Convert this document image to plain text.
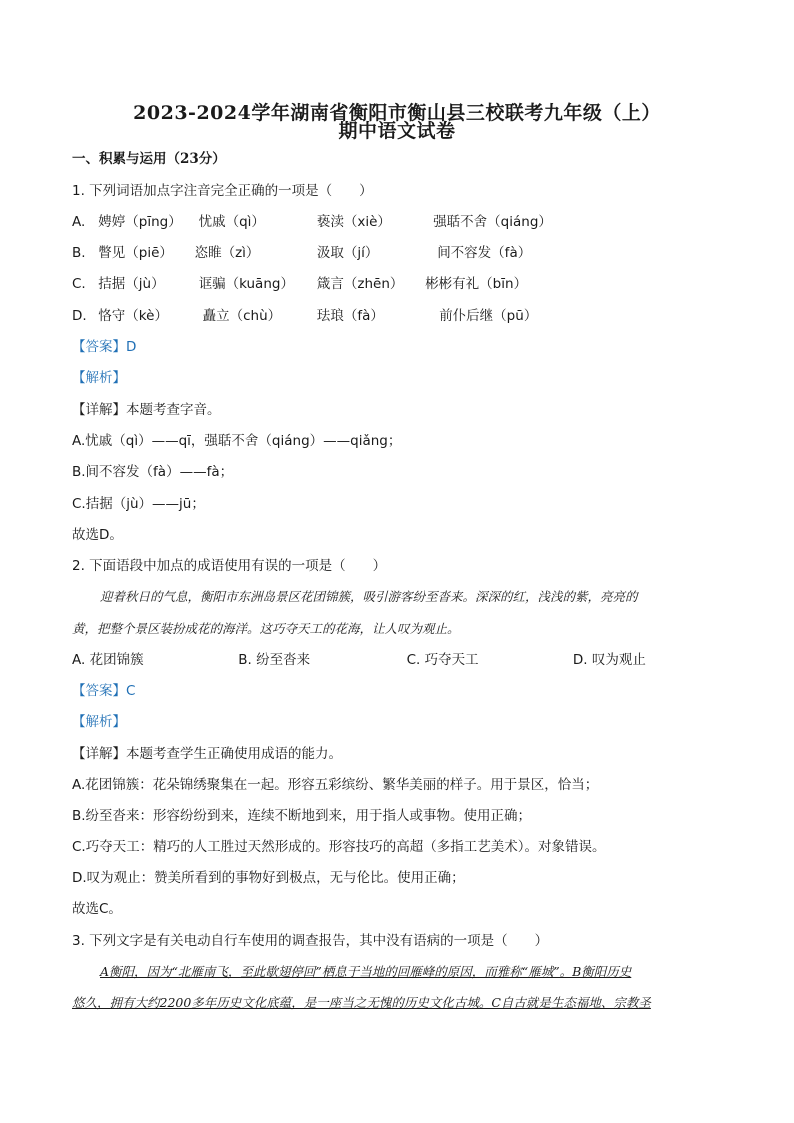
2023-2024学年湖南省衡阳市衡山县三校联考九年级（上）
期中语文试卷
一、积累与运用（23分）
1. 下列词语加点字注音完全正确的一项是（　　）
A. 娉婷（pīng） 忧戚（qì）	亵渎（xiè）	强聒不舍（qiáng）
B. 瞥见（piē） 恣睢（zì）	汲取（jí）	间不容发（fà）
C. 拮据（jù）	诓骗（kuāng） 箴言（zhēn） 彬彬有礼（bīn）
D. 恪守（kè）	矗立（chù）	珐琅（fà）	前仆后继（pū）
【答案】D
【解析】
【详解】本题考查字音。
A.忧戚（qì）——qī，强聒不舍（qiáng）——qiǎng；
B.间不容发（fà）——fà；
C.拮据（jù）——jū；
故选D。
2. 下面语段中加点的成语使用有误的一项是（　　）
迎着秋日的气息，衡阳市东洲岛景区花团锦簇，吸引游客纷至沓来。深深的红，浅浅的紫，亮亮的
黄，把整个景区装扮成花的海洋。这巧夺天工的花海，让人叹为观止。
A. 花团锦簇	B. 纷至沓来	C. 巧夺天工	D. 叹为观止
【答案】C
【解析】
【详解】本题考查学生正确使用成语的能力。
A.花团锦簇：花朵锦绣聚集在一起。形容五彩缤纷、繁华美丽的样子。用于景区，恰当；
B.纷至沓来：形容纷纷到来，连续不断地到来，用于指人或事物。使用正确；
C.巧夺天工：精巧的人工胜过天然形成的。形容技巧的高超（多指工艺美术）。对象错误。
D.叹为观止：赞美所看到的事物好到极点，无与伦比。使用正确；
故选C。
3. 下列文字是有关电动自行车使用的调查报告，其中没有语病的一项是（　　）
A衡阳，因为“北雁南飞，至此歇翅停回”栖息于当地的回雁峰的原因，而雅称“雁城”。B衡阳历史
悠久，拥有大约2200多年历史文化底蕴，是一座当之无愧的历史文化古城。C自古就是生态福地、宗教圣
